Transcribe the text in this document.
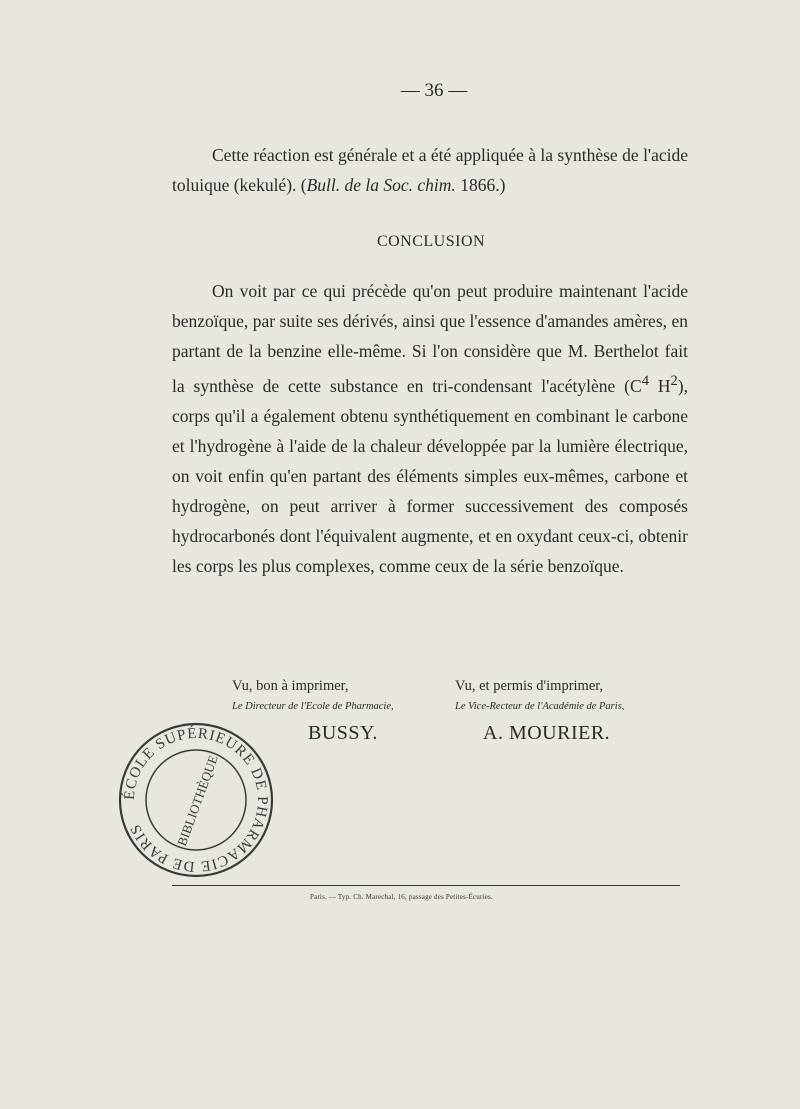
— 36 —

Cette réaction est générale et a été appliquée à la synthèse de l'acide toluique (kekulé). (Bull. de la Soc. chim. 1866.)

CONCLUSION

On voit par ce qui précède qu'on peut produire maintenant l'acide benzoïque, par suite ses dérivés, ainsi que l'essence d'amandes amères, en partant de la benzine elle-même. Si l'on considère que M. Berthelot fait la synthèse de cette substance en tri-condensant l'acétylène ($C^4$ $H^2$), corps qu'il a également obtenu synthétiquement en combinant le carbone et l'hydrogène à l'aide de la chaleur développée par la lumière électrique, on voit enfin qu'en partant des éléments simples eux-mêmes, carbone et hydrogène, on peut arriver à former successivement des composés hydrocarbonés dont l'équivalent augmente, et en oxydant ceux-ci, obtenir les corps les plus complexes, comme ceux de la série benzoïque.

Vu, bon à imprimer,
Le Directeur de l'Ecole de Pharmacie,
BUSSY.
Vu, et permis d'imprimer,
Le Vice-Recteur de l'Académie de Paris,
A. MOURIER.
ÉCOLE SUPÉRIEURE DE PHARMACIE DE PARIS	BIBLIOTHÈQUE
Paris. — Typ. Ch. Marechal, 16, passage des Petites-Écuries.
